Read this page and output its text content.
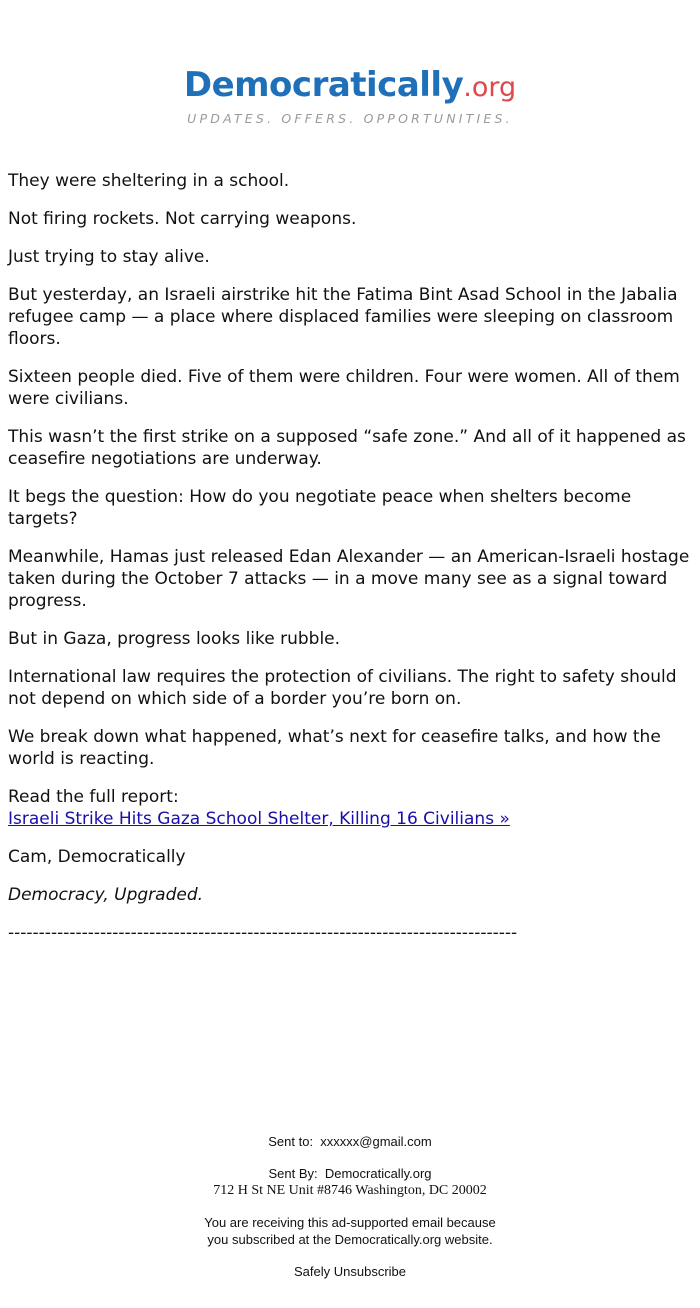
Democratically.org
UPDATES. OFFERS. OPPORTUNITIES.

They were sheltering in a school.

Not firing rockets. Not carrying weapons.

Just trying to stay alive.

But yesterday, an Israeli airstrike hit the Fatima Bint Asad School in the Jabalia refugee camp — a place where displaced families were sleeping on classroom floors.

Sixteen people died. Five of them were children. Four were women. All of them were civilians.

This wasn’t the first strike on a supposed “safe zone.” And all of it happened as ceasefire negotiations are underway.

It begs the question: How do you negotiate peace when shelters become targets?

Meanwhile, Hamas just released Edan Alexander — an American-Israeli hostage taken during the October 7 attacks — in a move many see as a signal toward progress.

But in Gaza, progress looks like rubble.

International law requires the protection of civilians. The right to safety should not depend on which side of a border you’re born on.

We break down what happened, what’s next for ceasefire talks, and how the world is reacting.

Read the full report:
Israeli Strike Hits Gaza School Shelter, Killing 16 Civilians »

Cam, Democratically

Democracy, Upgraded.

-----------------------------------------------------------------------------------
Sent to: xxxxxx@gmail.com
Sent By: Democratically.org
712 H St NE Unit #8746 Washington, DC 20002
You are receiving this ad-supported email because
you subscribed at the Democratically.org website.
Safely Unsubscribe
